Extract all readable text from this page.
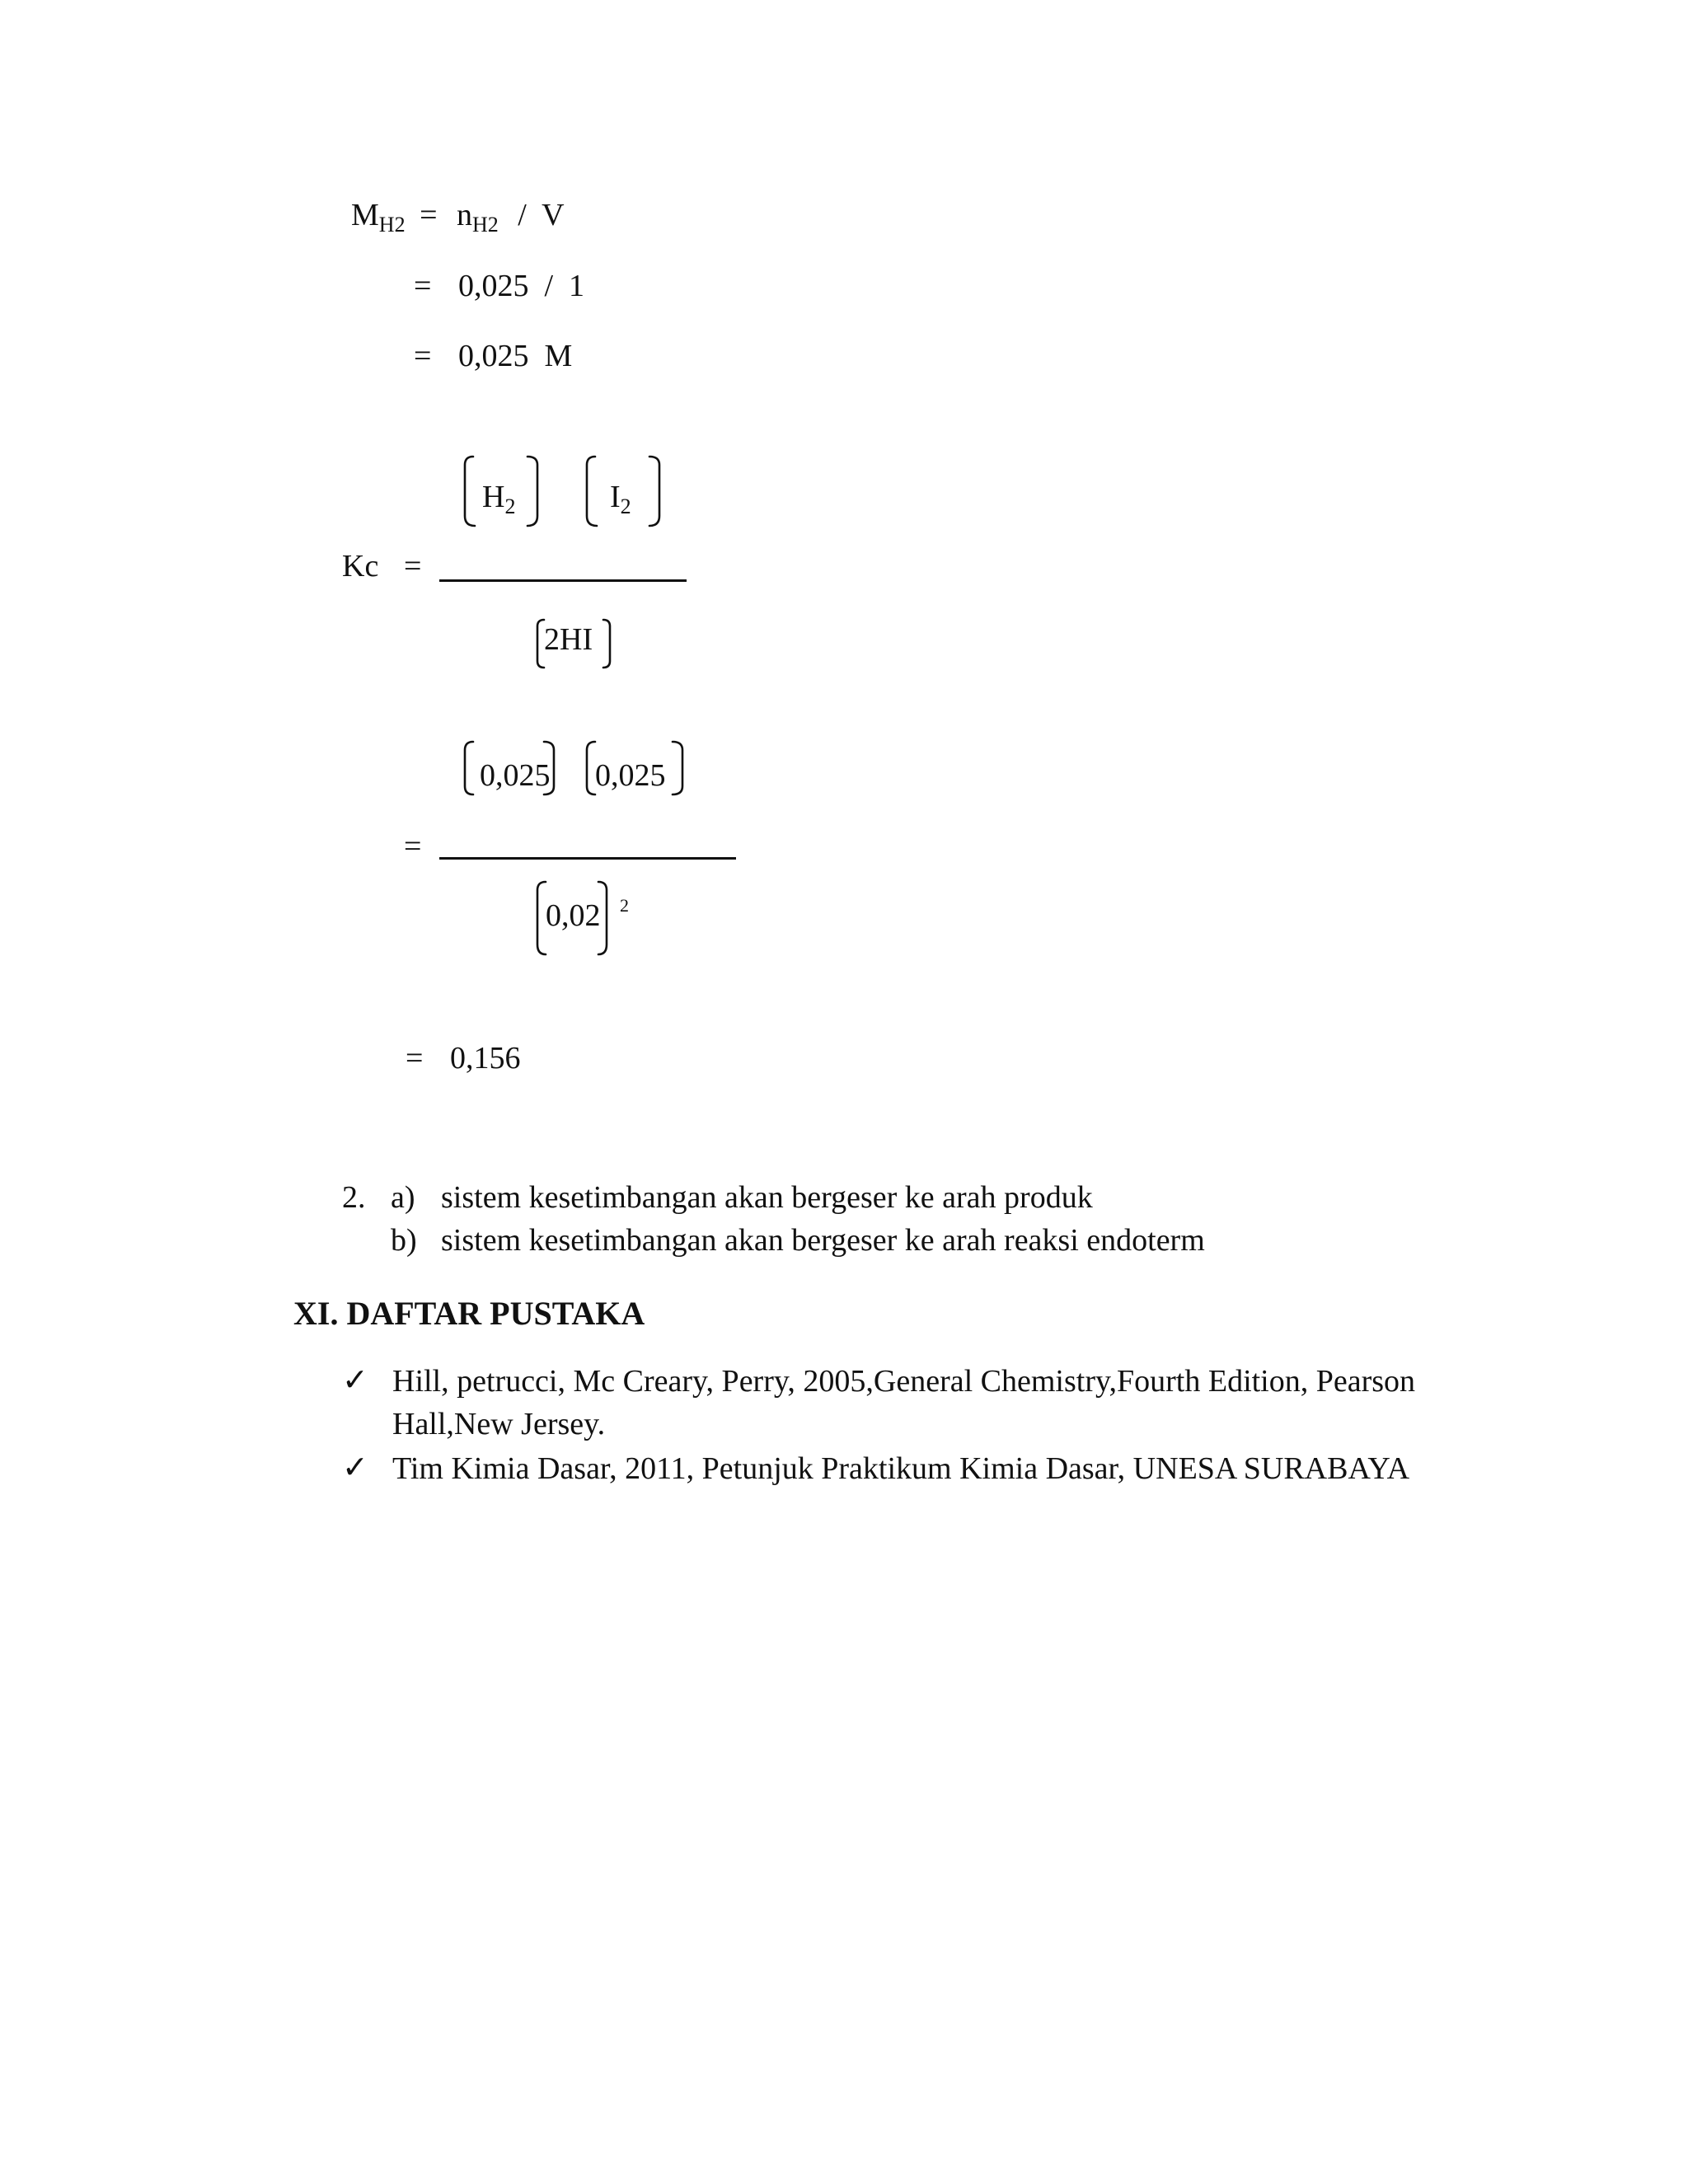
$M_{H2} = n_{H2} / V$
= 0,025  /  1
= 0,025  M
$H_2$	$I_2$
Kc =
2HI
0,025 0,025
=
0,02 2
= 0,156
2. a) sistem kesetimbangan akan bergeser ke arah produk
b) sistem kesetimbangan akan bergeser ke arah reaksi endoterm
XI. DAFTAR PUSTAKA
✓ Hill, petrucci, Mc Creary, Perry, 2005,General Chemistry,Fourth Edition, Pearson Hall,New Jersey.
✓ Tim Kimia Dasar, 2011, Petunjuk Praktikum Kimia Dasar, UNESA SURABAYA
